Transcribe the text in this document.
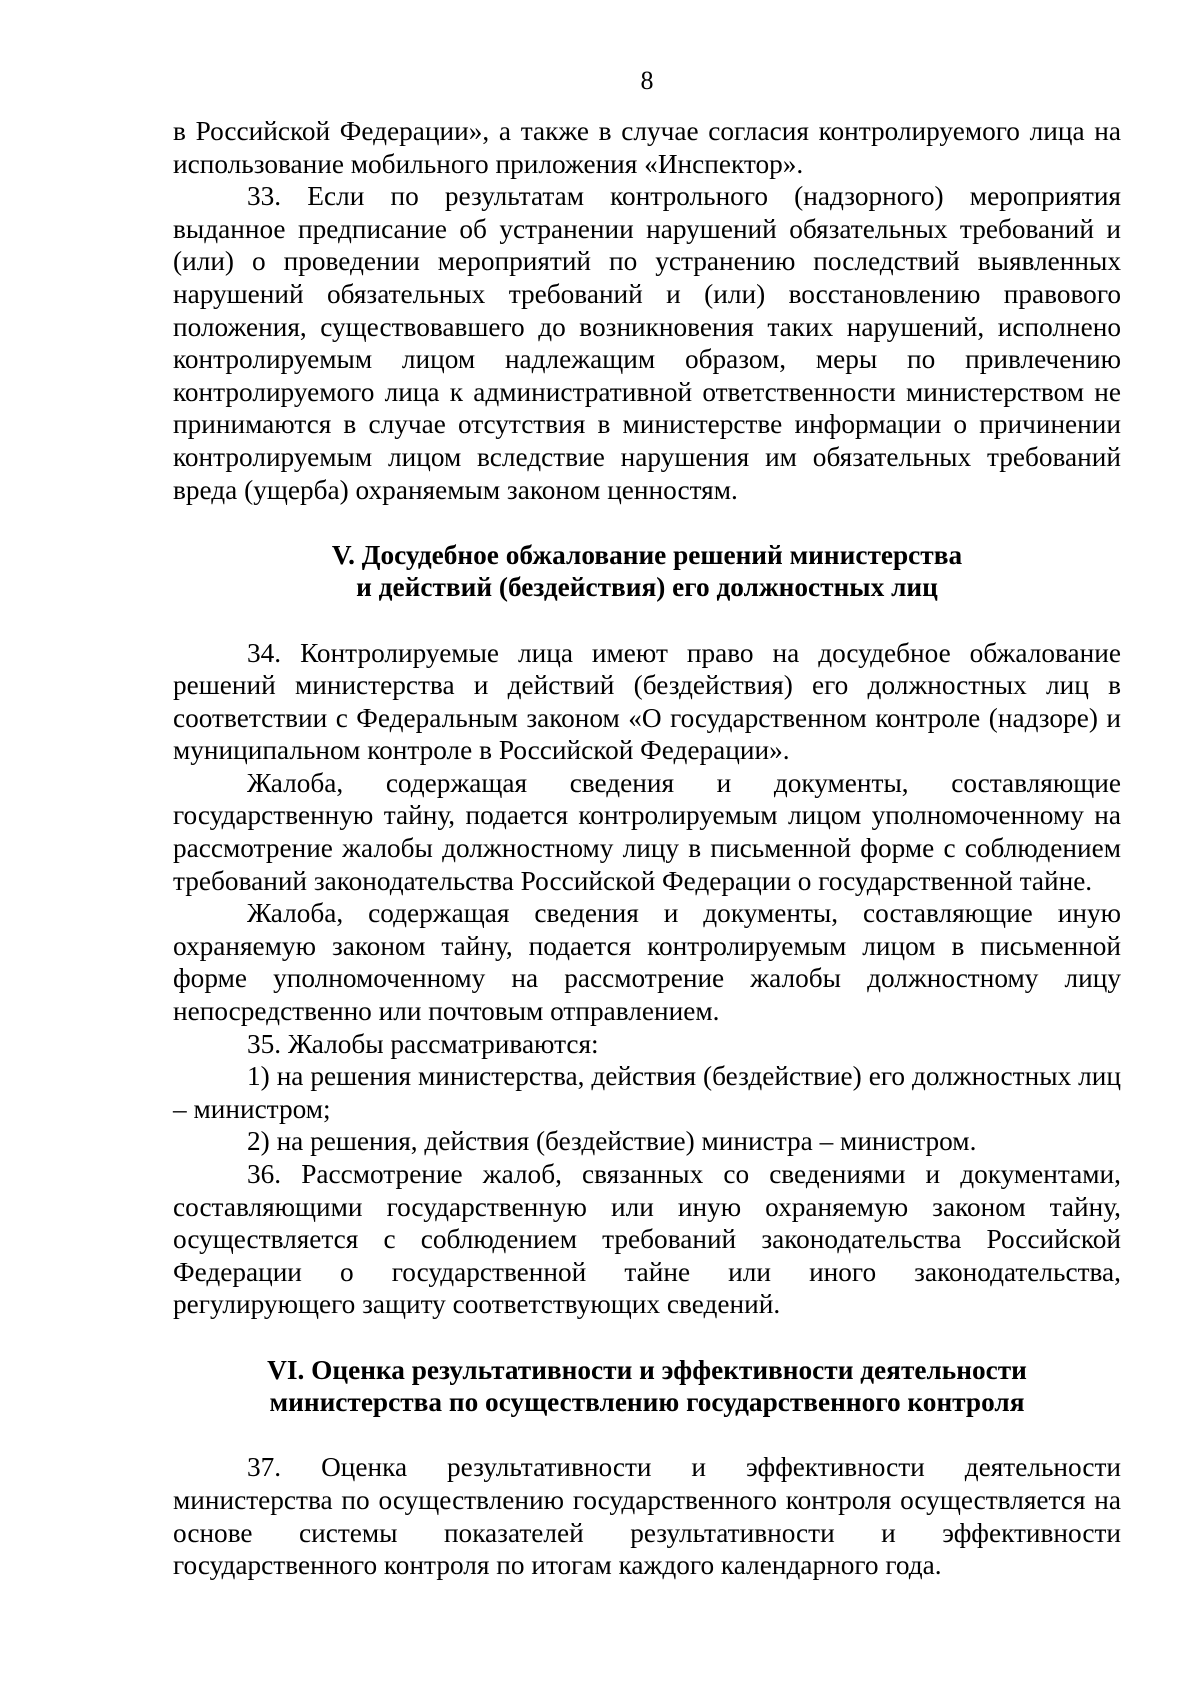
8

в Российской Федерации», а также в случае согласия контролируемого лица на использование мобильного приложения «Инспектор».

33. Если по результатам контрольного (надзорного) мероприятия выданное предписание об устранении нарушений обязательных требований и (или) о проведении мероприятий по устранению последствий выявленных нарушений обязательных требований и (или) восстановлению правового положения, существовавшего до возникновения таких нарушений, исполнено контролируемым лицом надлежащим образом, меры по привлечению контролируемого лица к административной ответственности министерством не принимаются в случае отсутствия в министерстве информации о причинении контролируемым лицом вследствие нарушения им обязательных требований вреда (ущерба) охраняемым законом ценностям.

V. Досудебное обжалование решений министерства

и действий (бездействия) его должностных лиц

34. Контролируемые лица имеют право на досудебное обжалование решений министерства и действий (бездействия) его должностных лиц в соответствии с Федеральным законом «О государственном контроле (надзоре) и муниципальном контроле в Российской Федерации».

Жалоба, содержащая сведения и документы, составляющие государственную тайну, подается контролируемым лицом уполномоченному на рассмотрение жалобы должностному лицу в письменной форме с соблюдением требований законодательства Российской Федерации о государственной тайне.

Жалоба, содержащая сведения и документы, составляющие иную охраняемую законом тайну, подается контролируемым лицом в письменной форме уполномоченному на рассмотрение жалобы должностному лицу непосредственно или почтовым отправлением.

35. Жалобы рассматриваются:

1) на решения министерства, действия (бездействие) его должностных лиц – министром;

2) на решения, действия (бездействие) министра – министром.

36. Рассмотрение жалоб, связанных со сведениями и документами, составляющими государственную или иную охраняемую законом тайну, осуществляется с соблюдением требований законодательства Российской Федерации о государственной тайне или иного законодательства, регулирующего защиту соответствующих сведений.

VI. Оценка результативности и эффективности деятельности

министерства по осуществлению государственного контроля

37. Оценка результативности и эффективности деятельности министерства по осуществлению государственного контроля осуществляется на основе системы показателей результативности и эффективности государственного контроля по итогам каждого календарного года.
